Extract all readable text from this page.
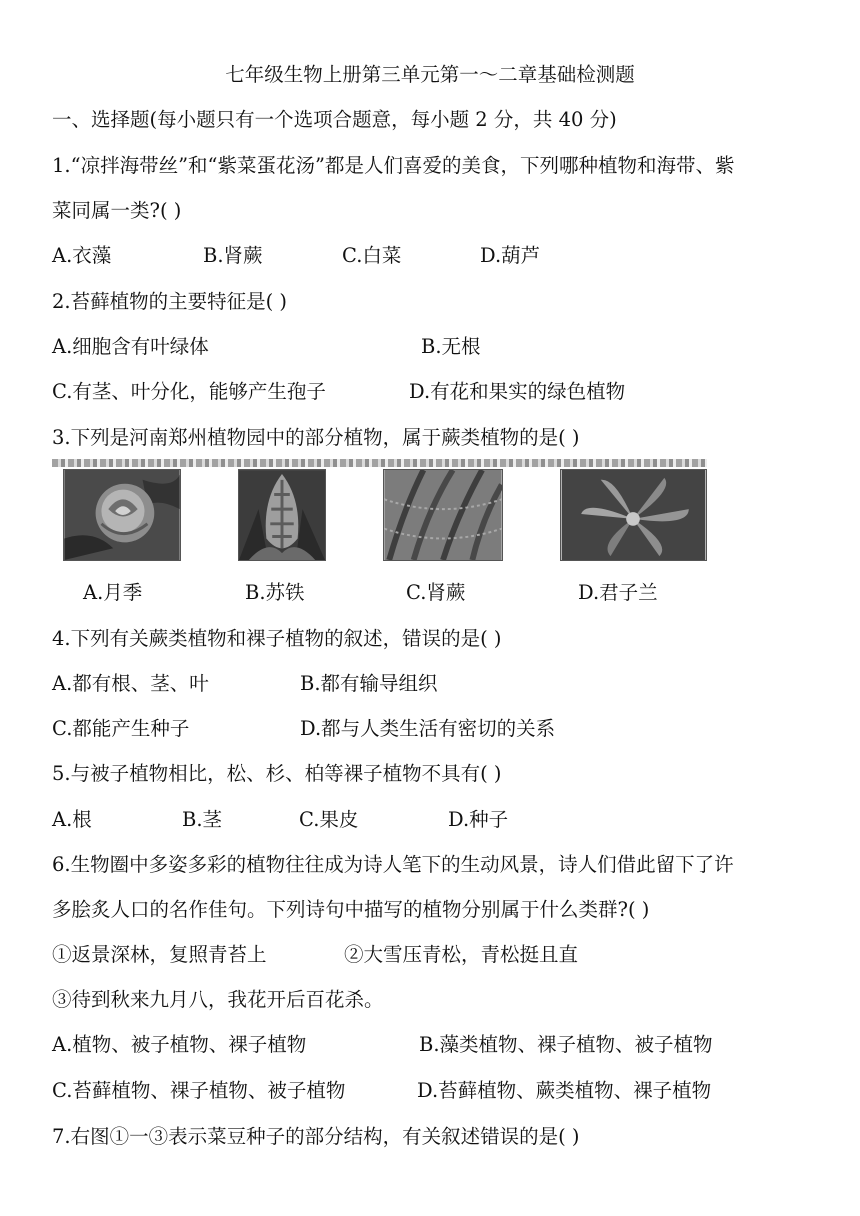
七年级生物上册第三单元第一～二章基础检测题
一、选择题(每小题只有一个选项合题意，每小题 2 分，共 40 分)
1.“凉拌海带丝”和“紫菜蛋花汤”都是人们喜爱的美食，下列哪种植物和海带、紫
菜同属一类?( )
A.衣藻	B.肾蕨	C.白菜	D.葫芦
2.苔藓植物的主要特征是( )
A.细胞含有叶绿体	B.无根
C.有茎、叶分化，能够产生孢子	D.有花和果实的绿色植物
3.下列是河南郑州植物园中的部分植物，属于蕨类植物的是( )
A.月季	B.苏铁	C.肾蕨	D.君子兰
4.下列有关蕨类植物和裸子植物的叙述，错误的是( )
A.都有根、茎、叶	B.都有输导组织
C.都能产生种子	D.都与人类生活有密切的关系
5.与被子植物相比，松、杉、柏等裸子植物不具有( )
A.根	B.茎	C.果皮	D.种子
6.生物圈中多姿多彩的植物往往成为诗人笔下的生动风景，诗人们借此留下了许
多脍炙人口的名作佳句。下列诗句中描写的植物分别属于什么类群?( )
①返景深林，复照青苔上	②大雪压青松，青松挺且直
③待到秋来九月八，我花开后百花杀。
A.植物、被子植物、裸子植物	B.藻类植物、裸子植物、被子植物
C.苔藓植物、裸子植物、被子植物	D.苔藓植物、蕨类植物、裸子植物
7.右图①一③表示菜豆种子的部分结构，有关叙述错误的是( )
